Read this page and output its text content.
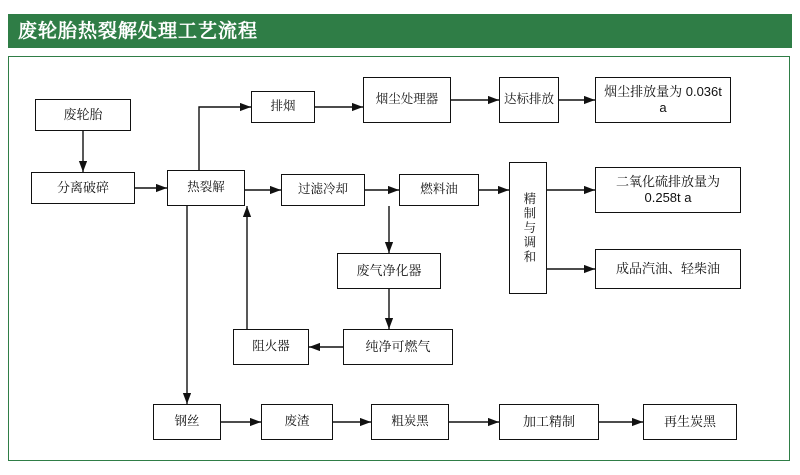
废轮胎热裂解处理工艺流程
废轮胎
分离破碎	热裂解
排烟	烟尘处理器	达标排放
烟尘排放量为 0.036t a
过滤冷却	燃料油
精制与调和
二氧化硫排放量为 0.258t a
成品汽油、轻柴油
废气净化器
纯净可燃气
阻火器
钢丝	废渣	粗炭黑	加工精制	再生炭黑
